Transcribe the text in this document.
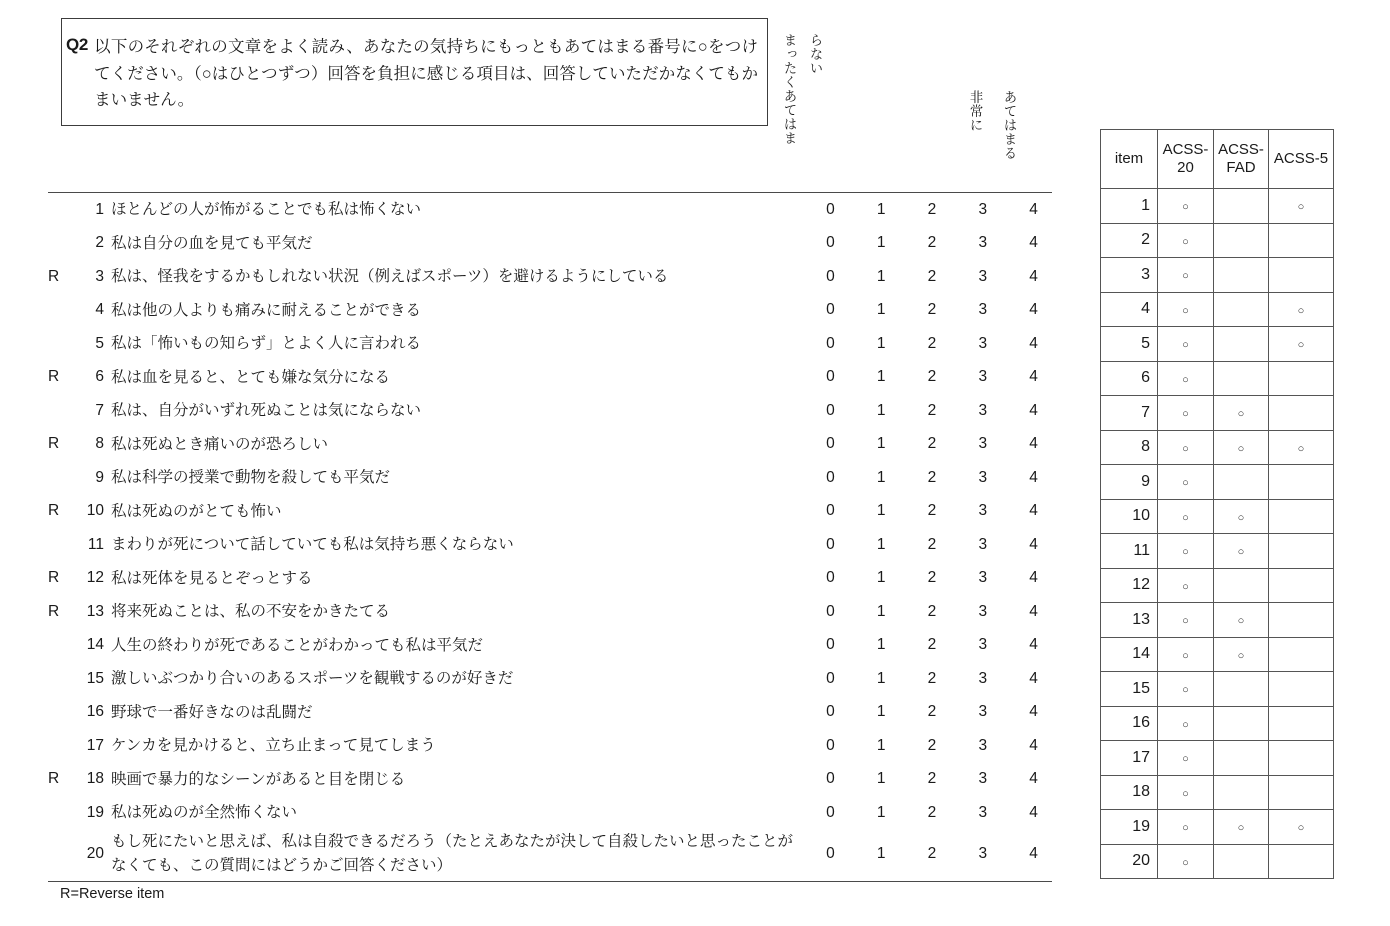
Q2 以下のそれぞれの文章をよく読み、あなたの気持ちにもっともあてはまる番号に○をつけてください。（○はひとつずつ）回答を負担に感じる項目は、回答していただかなくてもかまいません。	まったくあてはま らない
非常に あてはまる
	1	ほとんどの人が怖がることでも私は怖くない	0	1	2	3	4
	2	私は自分の血を見ても平気だ	0	1	2	3	4
R	3	私は、怪我をするかもしれない状況（例えばスポーツ）を避けるようにしている	0	1	2	3	4
	4	私は他の人よりも痛みに耐えることができる	0	1	2	3	4
	5	私は「怖いもの知らず」とよく人に言われる	0	1	2	3	4
R	6	私は血を見ると、とても嫌な気分になる	0	1	2	3	4
	7	私は、自分がいずれ死ぬことは気にならない	0	1	2	3	4
R	8	私は死ぬとき痛いのが恐ろしい	0	1	2	3	4
	9	私は科学の授業で動物を殺しても平気だ	0	1	2	3	4
R	10	私は死ぬのがとても怖い	0	1	2	3	4
	11	まわりが死について話していても私は気持ち悪くならない	0	1	2	3	4
R	12	私は死体を見るとぞっとする	0	1	2	3	4
R	13	将来死ぬことは、私の不安をかきたてる	0	1	2	3	4
	14	人生の終わりが死であることがわかっても私は平気だ	0	1	2	3	4
	15	激しいぶつかり合いのあるスポーツを観戦するのが好きだ	0	1	2	3	4
	16	野球で一番好きなのは乱闘だ	0	1	2	3	4
	17	ケンカを見かけると、立ち止まって見てしまう	0	1	2	3	4
R	18	映画で暴力的なシーンがあると目を閉じる	0	1	2	3	4
	19	私は死ぬのが全然怖くない	0	1	2	3	4
	20	もし死にたいと思えば、私は自殺できるだろう（たとえあなたが決して自殺したいと思ったことがなくても、この質問にはどうかご回答ください）	0	1	2	3	4
R=Reverse item
item	ACSS-20	ACSS-FAD	ACSS-5
1	○		○
2	○		
3	○		
4	○		○
5	○		○
6	○		
7	○	○	
8	○	○	○
9	○		
10	○	○	
11	○	○	
12	○		
13	○	○	
14	○	○	
15	○		
16	○		
17	○		
18	○		
19	○	○	○
20	○		
